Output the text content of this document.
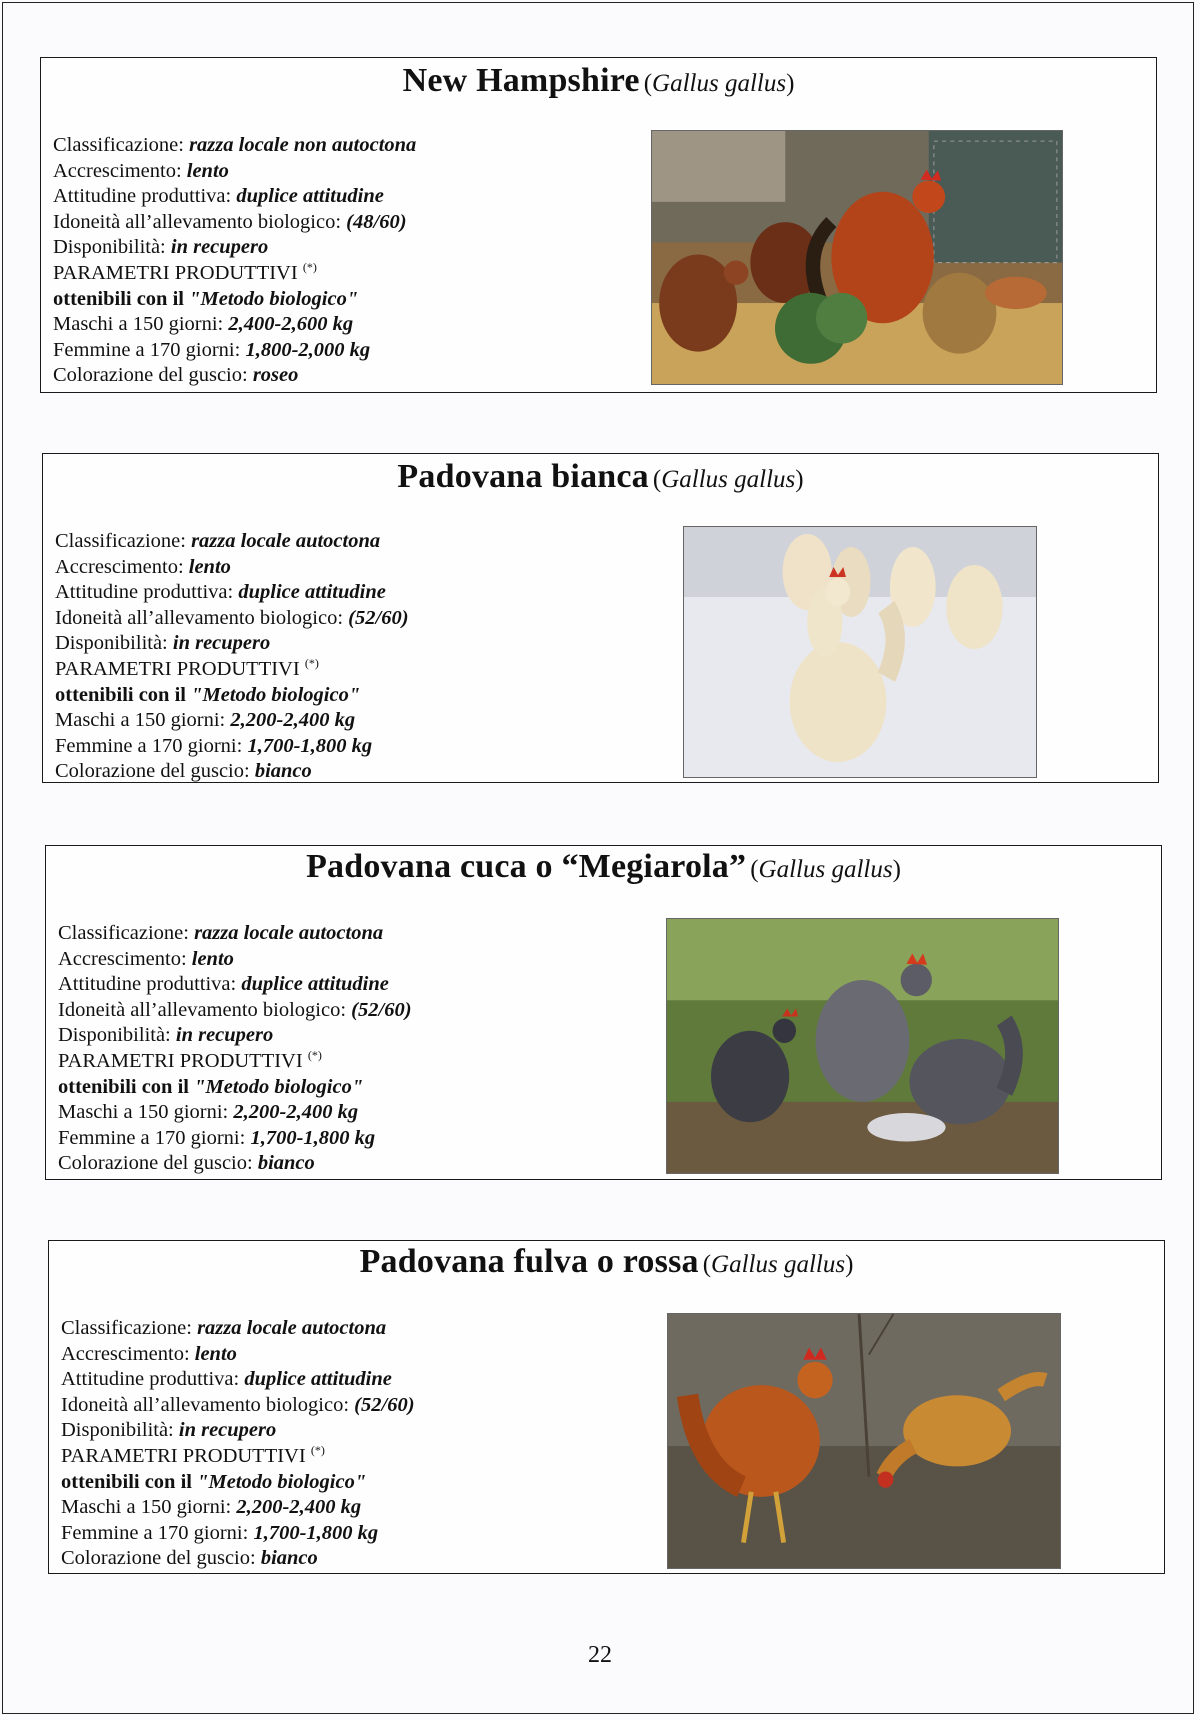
22
New Hampshire (Gallus gallus)
Classificazione: razza locale non autoctona
Accrescimento: lento
Attitudine produttiva: duplice attitudine
Idoneità all’allevamento biologico: (48/60)
Disponibilità: in recupero
PARAMETRI PRODUTTIVI (*)
ottenibili con il "Metodo biologico"
Maschi a 150 giorni: 2,400-2,600 kg
Femmine a 170 giorni: 1,800-2,000 kg
Colorazione del guscio: roseo
Padovana bianca (Gallus gallus)
Classificazione: razza locale autoctona
Accrescimento: lento
Attitudine produttiva: duplice attitudine
Idoneità all’allevamento biologico: (52/60)
Disponibilità: in recupero
PARAMETRI PRODUTTIVI (*)
ottenibili con il "Metodo biologico"
Maschi a 150 giorni: 2,200-2,400 kg
Femmine a 170 giorni: 1,700-1,800 kg
Colorazione del guscio: bianco
Padovana cuca o “Megiarola” (Gallus gallus)
Classificazione: razza locale autoctona
Accrescimento: lento
Attitudine produttiva: duplice attitudine
Idoneità all’allevamento biologico: (52/60)
Disponibilità: in recupero
PARAMETRI PRODUTTIVI (*)
ottenibili con il "Metodo biologico"
Maschi a 150 giorni: 2,200-2,400 kg
Femmine a 170 giorni: 1,700-1,800 kg
Colorazione del guscio: bianco
Padovana fulva o rossa (Gallus gallus)
Classificazione: razza locale autoctona
Accrescimento: lento
Attitudine produttiva: duplice attitudine
Idoneità all’allevamento biologico: (52/60)
Disponibilità: in recupero
PARAMETRI PRODUTTIVI (*)
ottenibili con il "Metodo biologico"
Maschi a 150 giorni: 2,200-2,400 kg
Femmine a 170 giorni: 1,700-1,800 kg
Colorazione del guscio: bianco
